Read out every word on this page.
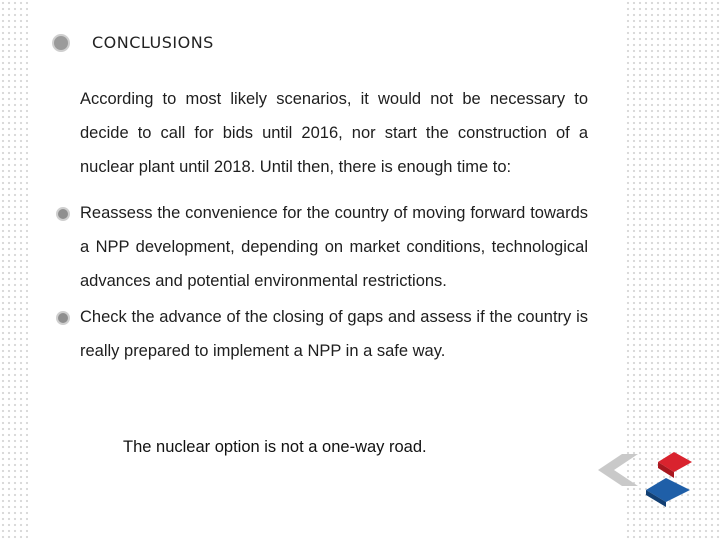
CONCLUSIONS
According to most likely scenarios, it would not be necessary to decide to call for bids until 2016, nor start the construction of a nuclear plant until 2018. Until then, there is enough time to:
Reassess the convenience for the country of moving forward towards a NPP development, depending on market conditions, technological advances and potential environmental restrictions.
Check the advance of the closing of gaps and assess if the country is really prepared to implement a NPP in a safe way.
The nuclear option is not a one-way road.
